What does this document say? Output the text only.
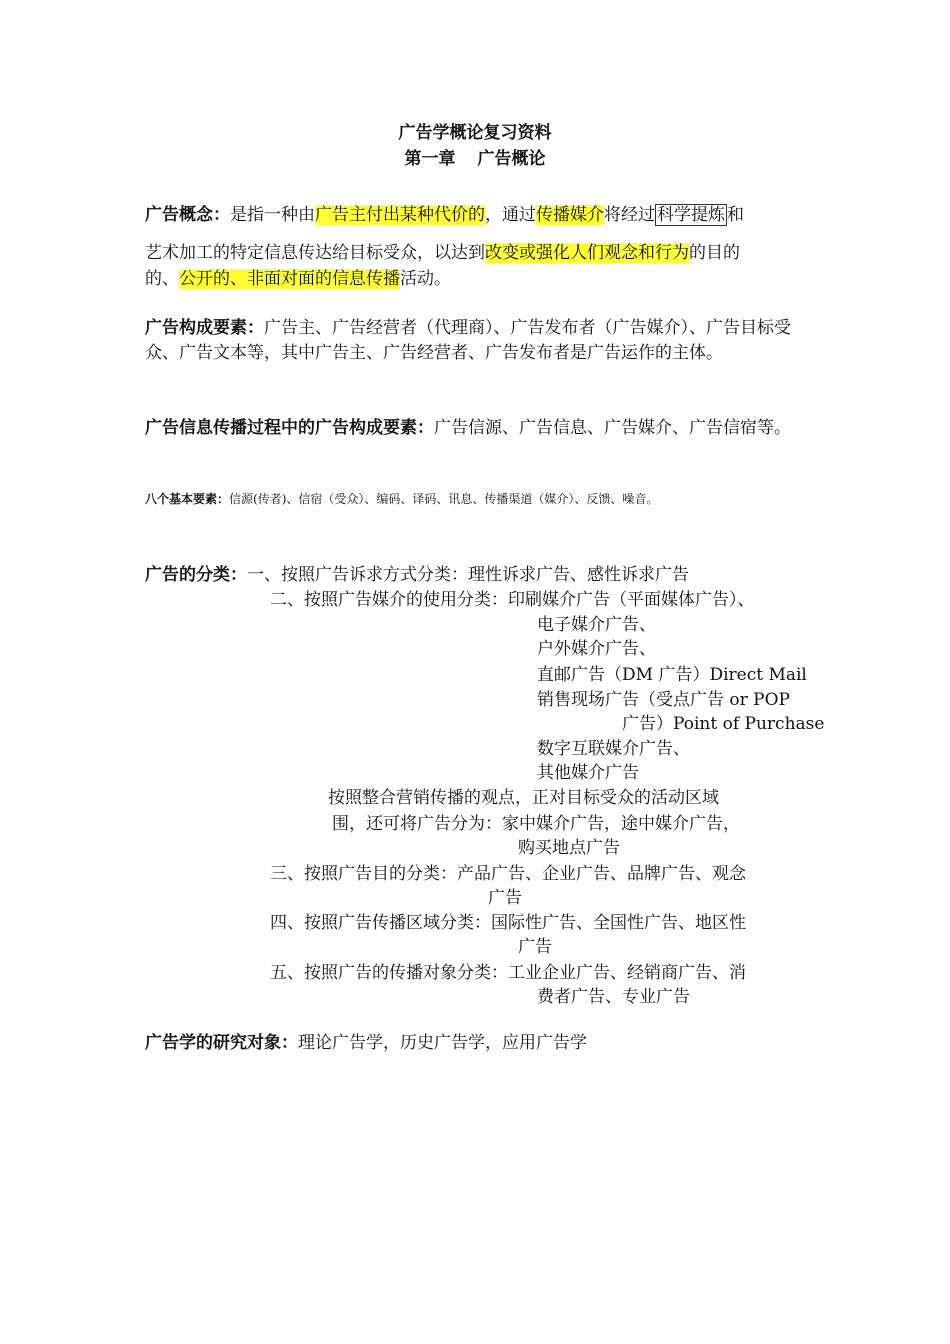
广告学概论复习资料
第一章 广告概论
广告概念：是指一种由广告主付出某种代价的，通过传播媒介将经过 科学提炼 和
艺术加工的特定信息传达给目标受众，以达到改变或强化人们观念和行为的目的
的、公开的、非面对面的信息传播活动。
广告构成要素：广告主、广告经营者（代理商）、广告发布者（广告媒介）、广告目标受众、广告文本等，其中广告主、广告经营者、广告发布者是广告运作的主体。
广告信息传播过程中的广告构成要素：广告信源、广告信息、广告媒介、广告信宿等。
八个基本要素：信源(传者)、信宿（受众）、编码、译码、讯息、传播渠道（媒介）、反馈、噪音。
广告的分类：一、按照广告诉求方式分类：理性诉求广告、感性诉求广告
二、按照广告媒介的使用分类：印刷媒介广告（平面媒体广告）、
电子媒介广告、
户外媒介广告、
直邮广告（DM 广告）Direct Mail
销售现场广告（受点广告 or POP
广告）Point of Purchase
数字互联媒介广告、
其他媒介广告
按照整合营销传播的观点，正对目标受众的活动区域
围，还可将广告分为：家中媒介广告，途中媒介广告，
购买地点广告
三、按照广告目的分类：产品广告、企业广告、品牌广告、观念
广告
四、按照广告传播区域分类：国际性广告、全国性广告、地区性
广告
五、按照广告的传播对象分类：工业企业广告、经销商广告、消
费者广告、专业广告
广告学的研究对象：理论广告学，历史广告学，应用广告学
